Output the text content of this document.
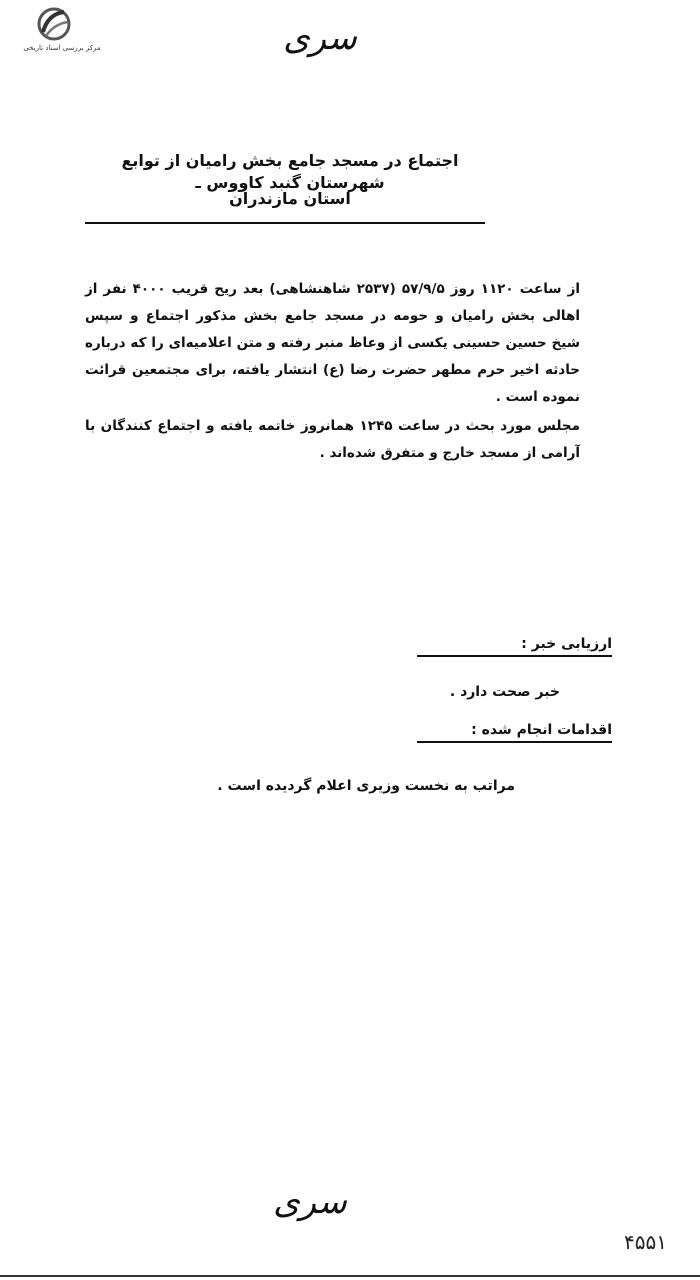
مرکز بررسی اسناد تاریخی	سری
اجتماع در مسجد جامع بخش رامیان از توابع شهرستان گنبد کاووس ـ
استان مازندران

از ساعت ۱۱۲۰ روز ۵۷/۹/۵ (۲۵۳۷ شاهنشاهی) بعد ریح قریب ۴۰۰۰ نفر از اهالی بخش رامیان و حومه در مسجد جامع بخش مذکور اجتماع و سپس شیخ حسین حسینی یکسی از وعاظ منبر رفته و متن اعلامیه‌ای را که درباره حادثه اخیر حرم مطهر حضرت رضا (ع) انتشار یافته، برای مجتمعین قرائت نموده است .

مجلس مورد بحث در ساعت ۱۲۴۵ همانروز خاتمه یافته و اجتماع کنندگان با آرامی از مسجد خارج و متفرق شده‌اند .

ارزیابی خبر :
خبر صحت دارد .
اقدامات انجام شده :
مراتب به نخست وزیری اعلام گردیده است .
سری
۴۵۵۱
